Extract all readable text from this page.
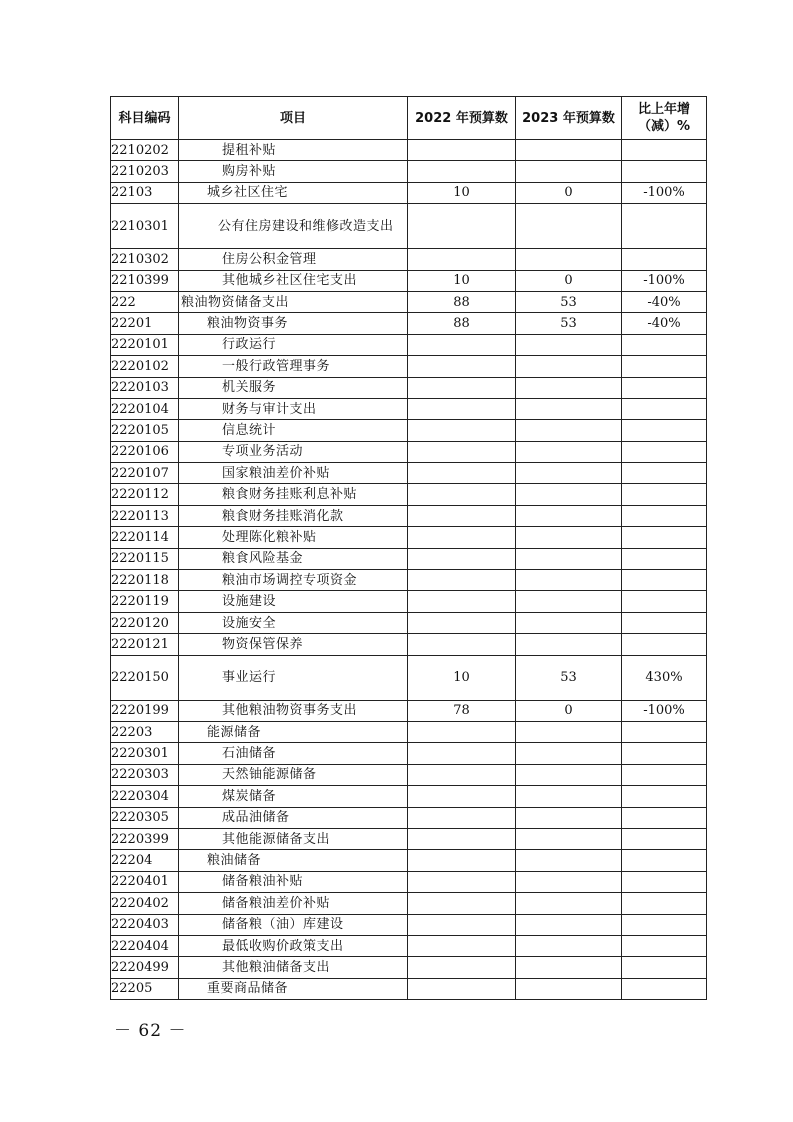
科目编码	项目	2022 年预算数	2023 年预算数	比上年增（减）%
2210202	提租补贴			
2210203	购房补贴			
22103	城乡社区住宅	10	0	-100%
2210301	公有住房建设和维修改造支出			
2210302	住房公积金管理			
2210399	其他城乡社区住宅支出	10	0	-100%
222	粮油物资储备支出	88	53	-40%
22201	粮油物资事务	88	53	-40%
2220101	行政运行			
2220102	一般行政管理事务			
2220103	机关服务			
2220104	财务与审计支出			
2220105	信息统计			
2220106	专项业务活动			
2220107	国家粮油差价补贴			
2220112	粮食财务挂账利息补贴			
2220113	粮食财务挂账消化款			
2220114	处理陈化粮补贴			
2220115	粮食风险基金			
2220118	粮油市场调控专项资金			
2220119	设施建设			
2220120	设施安全			
2220121	物资保管保养			
2220150	事业运行	10	53	430%
2220199	其他粮油物资事务支出	78	0	-100%
22203	能源储备			
2220301	石油储备			
2220303	天然铀能源储备			
2220304	煤炭储备			
2220305	成品油储备			
2220399	其他能源储备支出			
22204	粮油储备			
2220401	储备粮油补贴			
2220402	储备粮油差价补贴			
2220403	储备粮（油）库建设			
2220404	最低收购价政策支出			
2220499	其他粮油储备支出			
22205	重要商品储备			
－ 62 －
